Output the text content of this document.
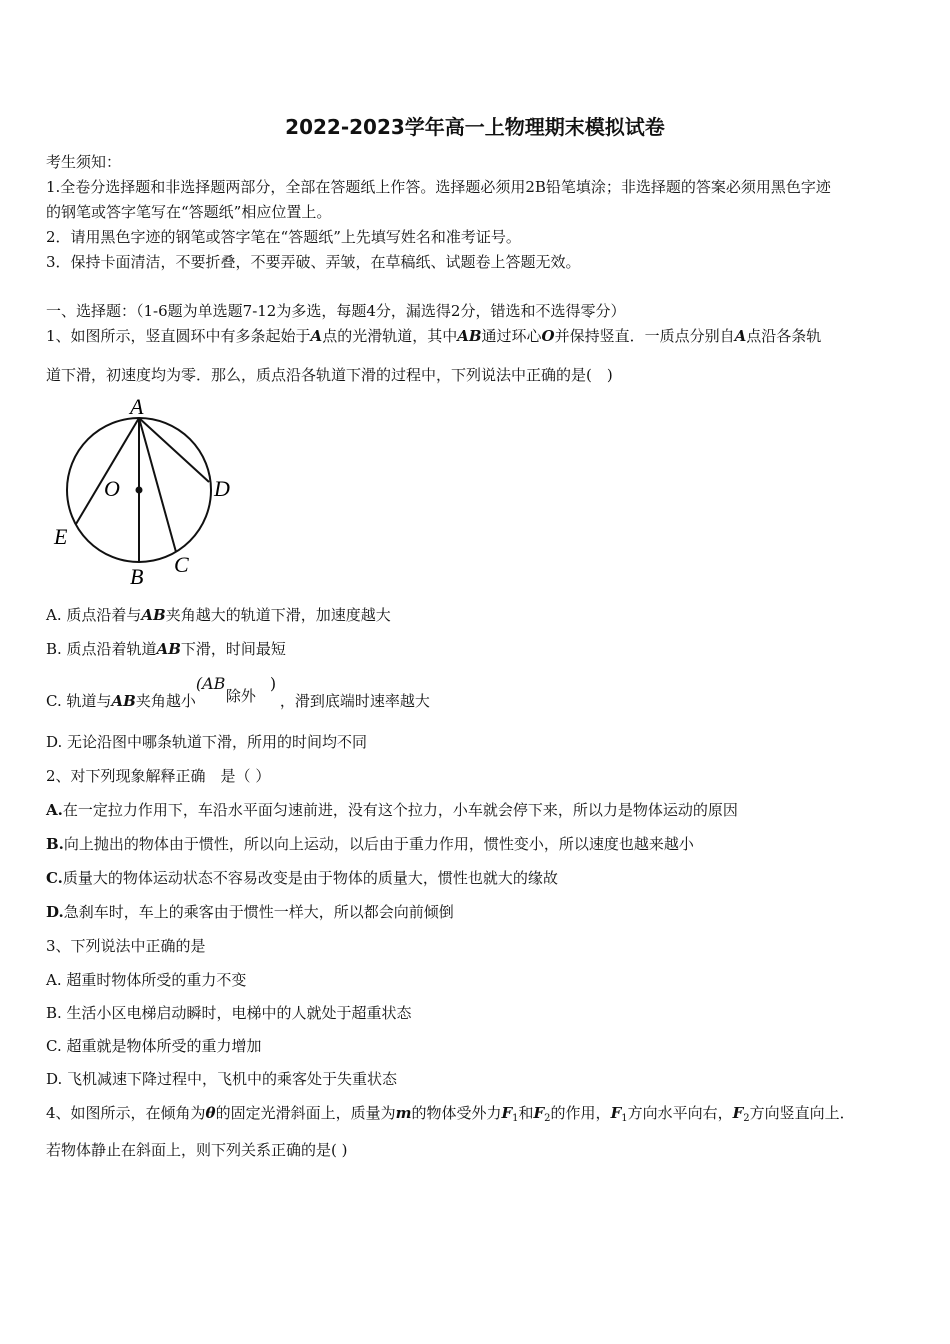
2022-2023学年高一上物理期末模拟试卷
考生须知：
1.全卷分选择题和非选择题两部分，全部在答题纸上作答。选择题必须用2B铅笔填涂；非选择题的答案必须用黑色字迹
的钢笔或答字笔写在“答题纸”相应位置上。
2．请用黑色字迹的钢笔或答字笔在“答题纸”上先填写姓名和准考证号。
3．保持卡面清洁，不要折叠，不要弄破、弄皱，在草稿纸、试题卷上答题无效。
一、选择题：（1-6题为单选题7-12为多选，每题4分，漏选得2分，错选和不选得零分）
1、如图所示，竖直圆环中有多条起始于A点的光滑轨道，其中AB通过环心O并保持竖直．一质点分别自A点沿各条轨
道下滑，初速度均为零．那么，质点沿各轨道下滑的过程中，下列说法中正确的是(　)
A
O	D
E
B C
A. 质点沿着与AB夹角越大的轨道下滑，加速度越大
B. 质点沿着轨道AB下滑，时间最短
C. 轨道与AB夹角越小
(AB
除外
)
，滑到底端时速率越大
D. 无论沿图中哪条轨道下滑，所用的时间均不同
2、对下列现象解释正确　是（ ）
A.在一定拉力作用下，车沿水平面匀速前进，没有这个拉力，小车就会停下来，所以力是物体运动的原因
B.向上抛出的物体由于惯性，所以向上运动，以后由于重力作用，惯性变小，所以速度也越来越小
C.质量大的物体运动状态不容易改变是由于物体的质量大，惯性也就大的缘故
D.急刹车时，车上的乘客由于惯性一样大，所以都会向前倾倒
3、下列说法中正确的是
A. 超重时物体所受的重力不变
B. 生活小区电梯启动瞬时，电梯中的人就处于超重状态
C. 超重就是物体所受的重力增加
D. 飞机减速下降过程中，飞机中的乘客处于失重状态
4、如图所示，在倾角为θ的固定光滑斜面上，质量为m的物体受外力$F_1$和$F_2$的作用，$F_1$方向水平向右，$F_2$方向竖直向上．
若物体静止在斜面上，则下列关系正确的是( )
